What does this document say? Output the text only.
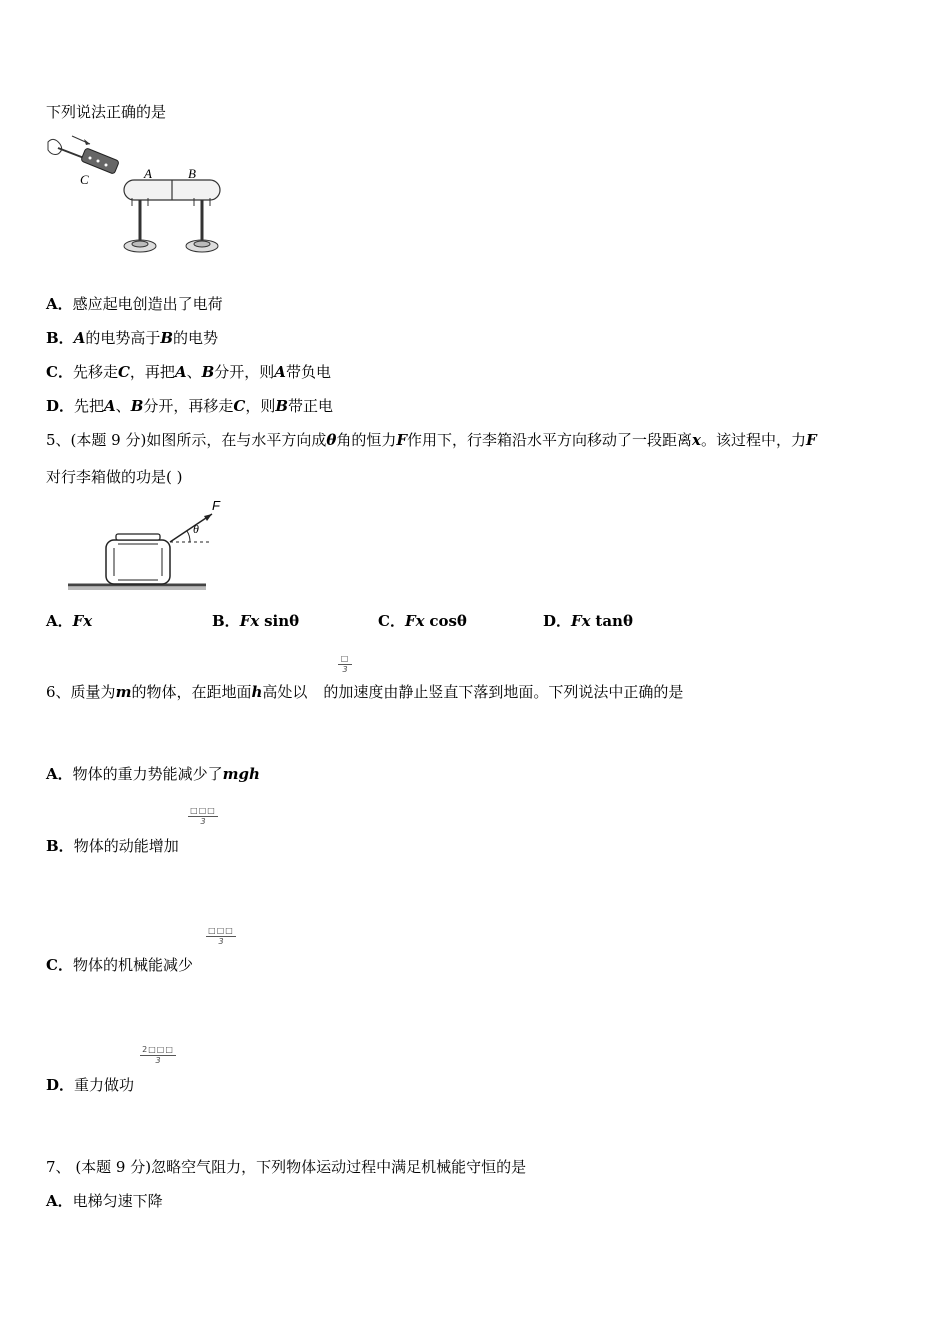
下列说法正确的是
C	A	B
A．感应起电创造出了电荷
B．A的电势高于B的电势
C．先移走C，再把A、B分开，则A带负电
D．先把A、B分开，再移走C，则B带正电
5、(本题 9 分)如图所示，在与水平方向成θ角的恒力F作用下，行李箱沿水平方向移动了一段距离x。该过程中，力F
对行李箱做的功是( )
F
θ
A．Fx	B．Fx sinθ	C．Fx cosθ	D．Fx tanθ
□
3
6、质量为m的物体，在距地面h高处以 的加速度由静止竖直下落到地面。下列说法中正确的是
A．物体的重力势能减少了mgh
□□□
3
B．物体的动能增加
□□□
3
C．物体的机械能减少
$\frac{2□□□}{3}$
D．重力做功
7、 (本题 9 分)忽略空气阻力，下列物体运动过程中满足机械能守恒的是
A．电梯匀速下降
